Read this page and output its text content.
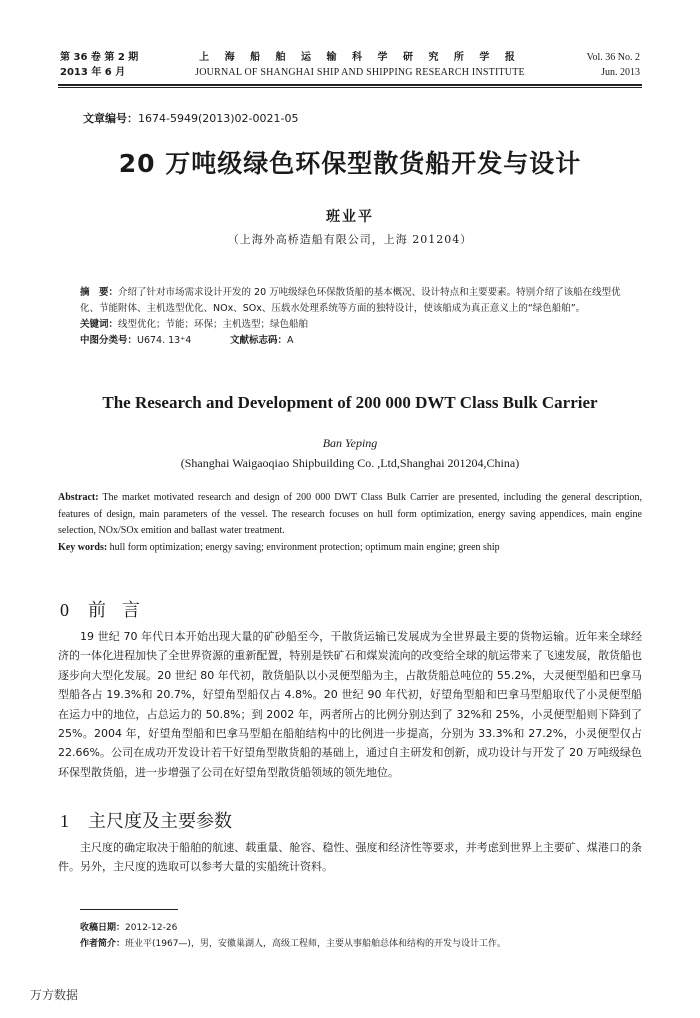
第 36 卷 第 2 期
2013 年 6 月
上 海 船 舶 运 输 科 学 研 究 所 学 报
JOURNAL OF SHANGHAI SHIP AND SHIPPING RESEARCH INSTITUTE
Vol. 36 No. 2
Jun. 2013
文章编号：1674-5949(2013)02-0021-05
20 万吨级绿色环保型散货船开发与设计
班业平
（上海外高桥造船有限公司，上海 201204）
摘　要：介绍了针对市场需求设计开发的 20 万吨级绿色环保散货船的基本概况、设计特点和主要要素。特别介绍了该船在线型优化、节能附体、主机选型优化、NOx、SOx、压载水处理系统等方面的独特设计，使该船成为真正意义上的“绿色船舶”。
关键词：线型优化；节能；环保；主机选型；绿色船舶
中图分类号：U674. 13⁺4	文献标志码：A
The Research and Development of 200 000 DWT Class Bulk Carrier
Ban Yeping
(Shanghai Waigaoqiao Shipbuilding Co. ,Ltd,Shanghai 201204,China)
Abstract: The market motivated research and design of 200 000 DWT Class Bulk Carrier are presented, including the general description, features of design, main parameters of the vessel. The research focuses on hull form optimization, energy saving appendices, main engine selection, NOx/SOx emition and ballast water treatment.
Key words: hull form optimization; energy saving; environment protection; optimum main engine; green ship
0 前言
19 世纪 70 年代日本开始出现大量的矿砂船至今，干散货运输已发展成为全世界最主要的货物运输。近年来全球经济的一体化进程加快了全世界资源的重新配置，特别是铁矿石和煤炭流向的改变给全球的航运带来了飞速发展，散货船也逐步向大型化发展。20 世纪 80 年代初，散货船队以小灵便型船为主，占散货船总吨位的 55.2%，大灵便型船和巴拿马型船各占 19.3%和 20.7%，好望角型船仅占 4.8%。20 世纪 90 年代初，好望角型船和巴拿马型船取代了小灵便型船在运力中的地位，占总运力的 50.8%；到 2002 年，两者所占的比例分别达到了 32%和 25%，小灵便型船则下降到了 25%。2004 年，好望角型船和巴拿马型船在船舶结构中的比例进一步提高，分别为 33.3%和 27.2%，小灵便型仅占 22.66%。公司在成功开发设计若干好望角型散货船的基础上，通过自主研发和创新，成功设计与开发了 20 万吨级绿色环保型散货船，进一步增强了公司在好望角型散货船领域的领先地位。
1 主尺度及主要参数
主尺度的确定取决于船舶的航速、载重量、舱容、稳性、强度和经济性等要求，并考虑到世界上主要矿、煤港口的条件。另外，主尺度的选取可以参考大量的实船统计资料。
收稿日期：2012-12-26
作者简介：班业平(1967—)，男，安徽巢湖人，高级工程师，主要从事船舶总体和结构的开发与设计工作。
万方数据
